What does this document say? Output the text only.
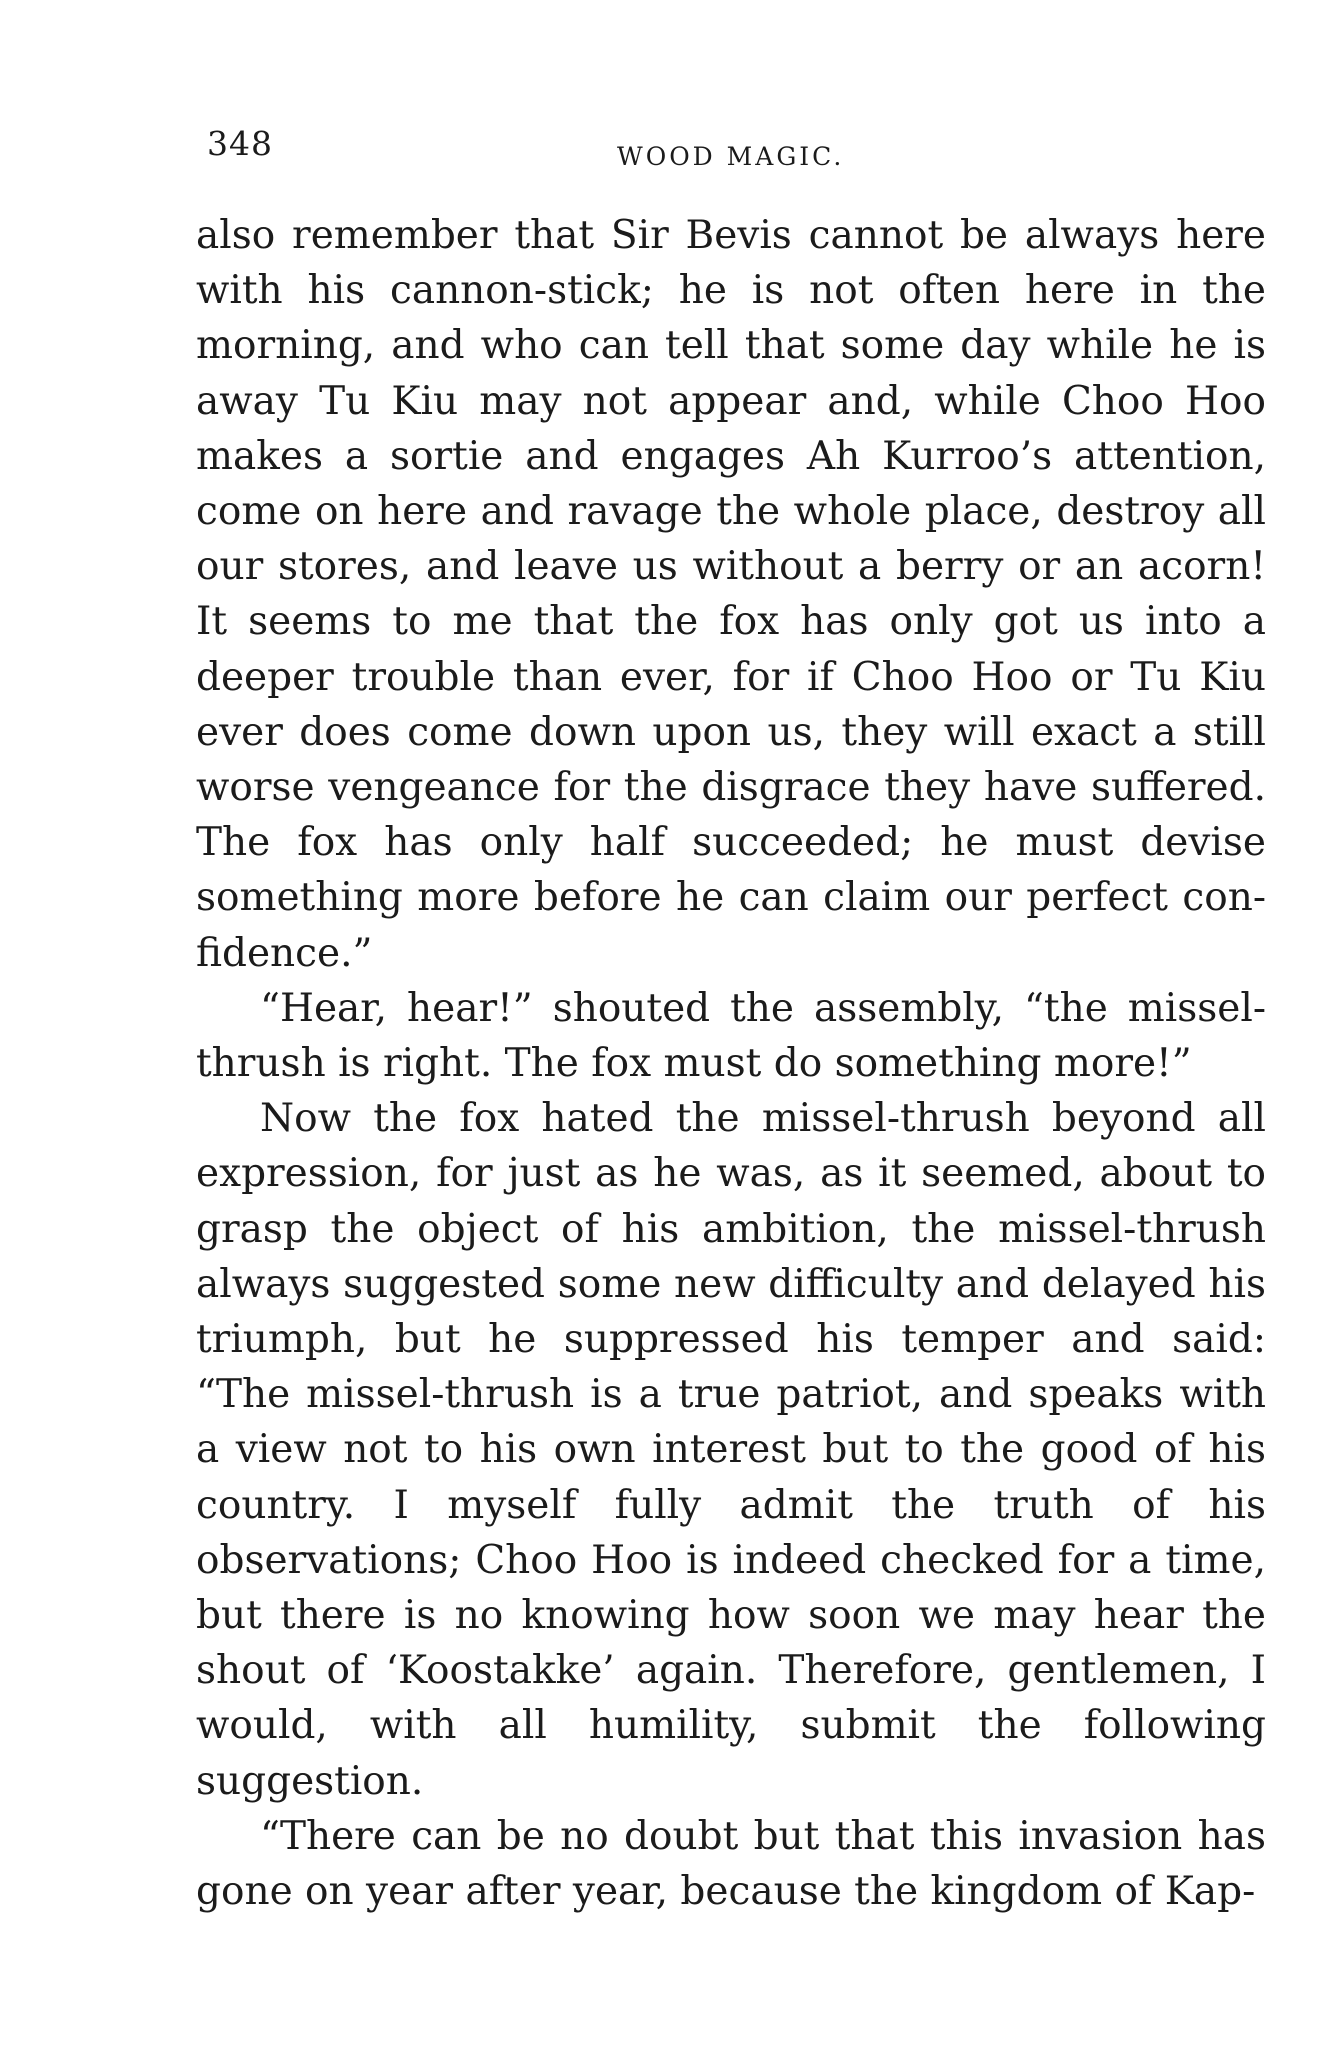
348	WOOD MAGIC.

also remember that Sir Bevis cannot be always here with his cannon-stick; he is not often here in the morning, and who can tell that some day while he is away Tu Kiu may not appear and, while Choo Hoo makes a sortie and engages Ah Kurroo’s attention, come on here and ravage the whole place, destroy all our stores, and leave us without a berry or an acorn! It seems to me that the fox has only got us into a deeper trouble than ever, for if Choo Hoo or Tu Kiu ever does come down upon us, they will exact a still worse vengeance for the disgrace they have suffered. The fox has only half succeeded; he must devise something more before he can claim our perfect confidence.”

“Hear, hear!” shouted the assembly, “the misselthrush is right. The fox must do something more!”

Now the fox hated the missel-thrush beyond all expression, for just as he was, as it seemed, about to grasp the object of his ambition, the missel-thrush always suggested some new difficulty and delayed his triumph, but he suppressed his temper and said: “The missel-thrush is a true patriot, and speaks with a view not to his own interest but to the good of his country. I myself fully admit the truth of his observations; Choo Hoo is indeed checked for a time, but there is no knowing how soon we may hear the shout of ‘Koostakke’ again. Therefore, gentlemen, I would, with all humility, submit the following suggestion.

“There can be no doubt but that this invasion has gone on year after year, because the kingdom of Kap-
